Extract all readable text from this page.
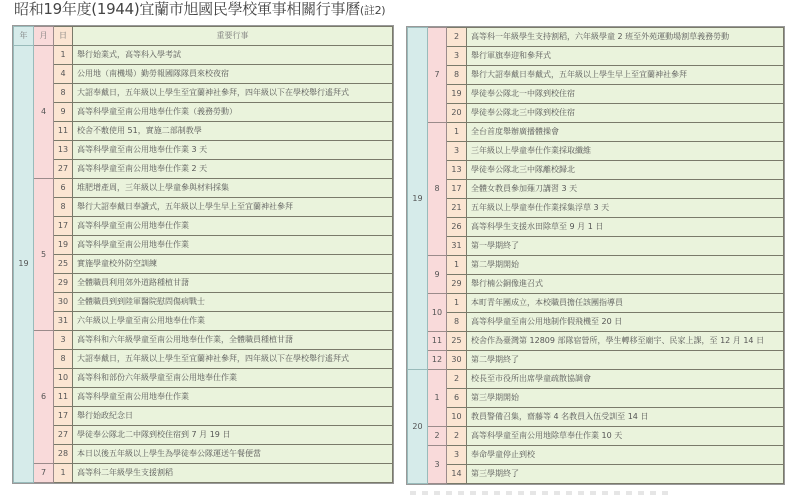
昭和19年度(1944)宜蘭市旭國民學校軍事相關行事曆(註2)
年	月	日	重要行事
19	4	1	舉行始業式，高等科入學考試
		4	公用地（南機場）勤勞報國隊隊員來校夜宿
		8	大詔奉戴日，五年級以上學生至宜蘭神社參拜，四年級以下在學校舉行遙拜式
		9	高等科學童至南公用地奉仕作業（義務勞動）
		11	校舍不敷使用 51，實施二部制教學
		13	高等科學童至南公用地奉仕作業 3 天
		27	高等科學童至南公用地奉仕作業 2 天
	5	6	堆肥增產周，三年級以上學童參與材料採集
		8	舉行大詔奉戴日奉讀式，五年級以上學生早上至宜蘭神社參拜
		17	高等科學童至南公用地奉仕作業
		19	高等科學童至南公用地奉仕作業
		25	實施學童校外防空訓練
		29	全體職員利用郊外道路種植甘藷
		30	全體職員到到陸軍醫院慰問傷病戰士
		31	六年級以上學童至南公用地奉仕作業
	6	3	高等科和六年級學童至南公用地奉仕作業，全體職員種植甘藷
		8	大詔奉戴日，五年級以上學生至宜蘭神社參拜，四年級以下在學校舉行遙拜式
		10	高等科和部份六年級學童至南公用地奉仕作業
		11	高等科學童至南公用地奉仕作業
		17	舉行始政紀念日
		27	學徒奉公隊北二中隊到校住宿到 7 月 19 日
		28	本日以後五年級以上學生為學徒奉公隊運送午餐便當
	7	1	高等科二年級學生支援割稻
19	7	2	高等科一年級學生支持割稻，六年級學童 2 班至外苑運動場割草義務勞動
		3	舉行軍旗奉迎和參拜式
		8	舉行大詔奉戴日奉戴式，五年級以上學生早上至宜蘭神社參拜
		19	學徒奉公隊北一中隊到校住宿
		20	學徒奉公隊北三中隊到校住宿
	8	1	全台首度舉辦廣播體操會
		3	三年級以上學童奉仕作業採取纖維
		13	學徒奉公隊北三中隊離校歸北
		17	全體女教員參加薙刀講習 3 天
		21	五年級以上學童奉仕作業採集浮草 3 天
		26	高等科學生支援水田除草至 9 月 1 日
		31	第一學期終了
	9	1	第二學期開始
		29	舉行楠公銅像進召式
	10	1	本町青年團成立，本校職員擔任該團指導員
		8	高等科學童至南公用地制作假飛機至 20 日
	11	25	校舍作為臺灣第 12809 部隊宿營所，學生轉移至廟宇、民家上課，至 12 月 14 日
	12	30	第二學期終了
20	1	2	校長至市役所出席學童疏散協調會
		6	第三學期開始
		10	教員警備召集，齋藤等 4 名教員入伍受訓至 14 日
	2	2	高等科學童至南公用地除草奉仕作業 10 天
	3	3	奉命學童停止到校
		14	第三學期終了
